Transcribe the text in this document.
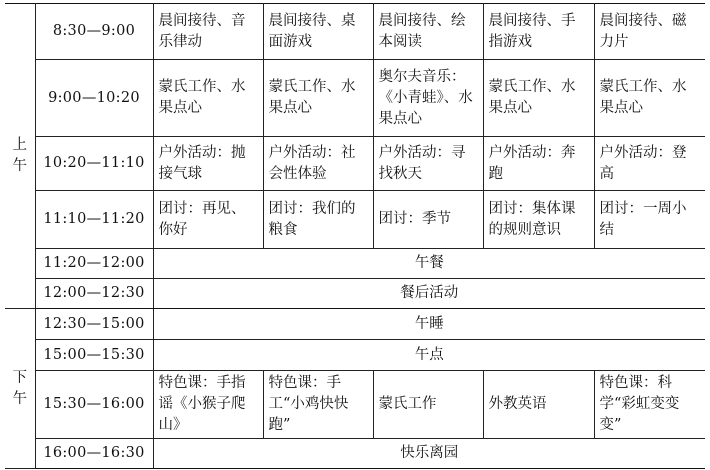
上
午	8:30—9:00	晨间接待、音乐律动	晨间接待、桌面游戏	晨间接待、绘本阅读	晨间接待、手指游戏	晨间接待、磁力片
	9:00—10:20	蒙氏工作、水果点心	蒙氏工作、水果点心	奥尔夫音乐：《小青蛙》、水果点心	蒙氏工作、水果点心	蒙氏工作、水果点心
	10:20—11:10	户外活动：抛接气球	户外活动：社会性体验	户外活动：寻找秋天	户外活动：奔跑	户外活动：登高
	11:10—11:20	团讨：再见、你好	团讨：我们的粮食	团讨：季节	团讨：集体课的规则意识	团讨：一周小结
	11:20—12:00	午餐				
	12:00—12:30	餐后活动				

下
午	12:30—15:00	午睡				
	15:00—15:30	午点				
	15:30—16:00	特色课：手指谣《小猴子爬山》	特色课：手工“小鸡快快跑”	蒙氏工作	外教英语	特色课：科学“彩虹变变变”
	16:00—16:30	快乐离园				
